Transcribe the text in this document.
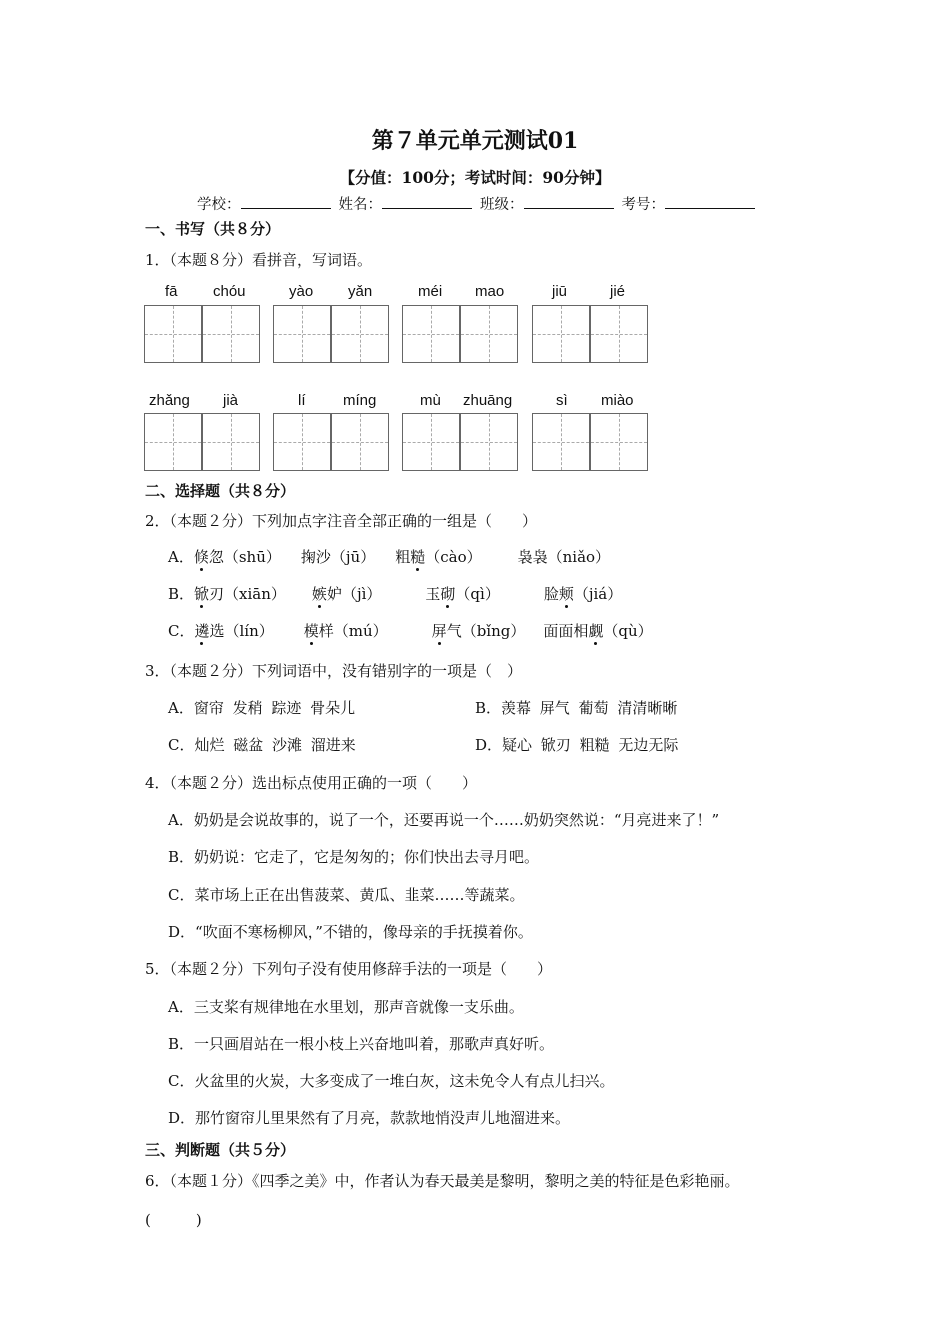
第７单元单元测试01
【分值：100分；考试时间：90分钟】
学校：	姓名：	班级：	考号：
一、书写（共８分）
1．（本题８分）看拼音，写词语。
fā chóu	yào yǎn	méi mao	jiū	jié
zhǎng jià	lí	míng	mù zhuāng	sì miào
二、选择题（共８分）
2．（本题２分）下列加点字注音全部正确的一组是（　　）
A．倏忽（shū） 掬沙（jū） 粗糙（cào） 袅袅（niǎo）
B．锨刃（xiān） 嫉妒（jì）	玉砌（qì）	脸颊（jiá）
C．遴选（lín） 模样（mú）	屏气（bǐng） 面面相觑（qù）
3．（本题２分）下列词语中，没有错别字的一项是（　）
A．窗帘 发稍 踪迹 骨朵儿	B．羡幕 屏气 葡萄 清清晰晰
C．灿烂 磁盆 沙滩 溜进来	D．疑心 锨刃 粗糙 无边无际
4．（本题２分）选出标点使用正确的一项（　　）
A．奶奶是会说故事的，说了一个，还要再说一个……奶奶突然说：“月亮进来了！”
B．奶奶说：它走了，它是匆匆的；你们快出去寻月吧。
C．菜市场上正在出售菠菜、黄瓜、韭菜……等蔬菜。
D．“吹面不寒杨柳风，”不错的，像母亲的手抚摸着你。
5．（本题２分）下列句子没有使用修辞手法的一项是（　　）
A．三支桨有规律地在水里划，那声音就像一支乐曲。
B．一只画眉站在一根小枝上兴奋地叫着，那歌声真好听。
C．火盆里的火炭，大多变成了一堆白灰，这未免令人有点儿扫兴。
D．那竹窗帘儿里果然有了月亮，款款地悄没声儿地溜进来。
三、判断题（共５分）
6．（本题１分）《四季之美》中，作者认为春天最美是黎明，黎明之美的特征是色彩艳丽。
(　　　)
